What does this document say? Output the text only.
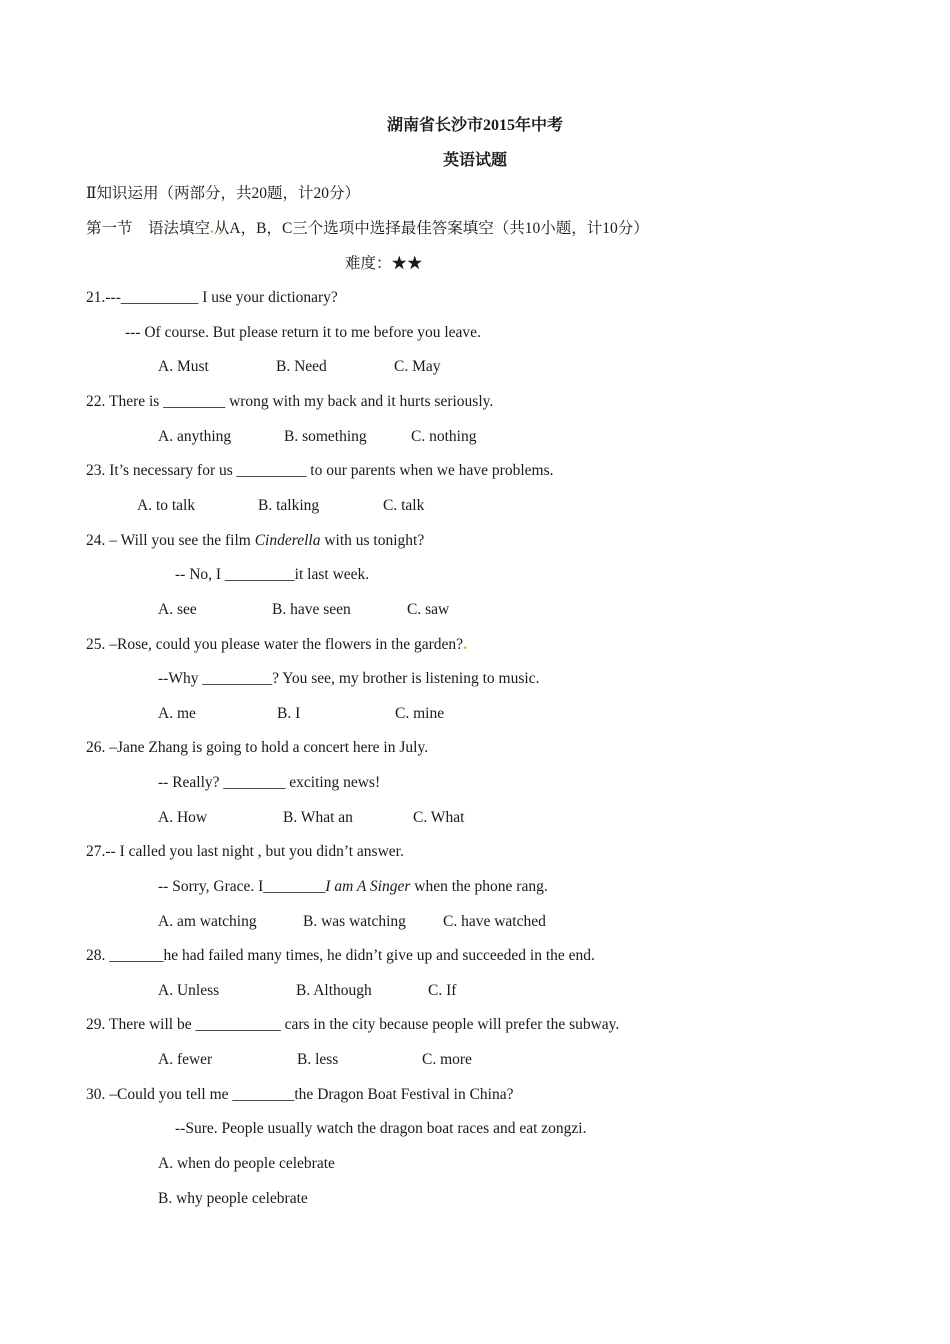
湖南省长沙市2015年中考
英语试题
Ⅱ知识运用（两部分，共20题，计20分）
第一节 语法填空.从A，B，C三个选项中选择最佳答案填空（共10小题，计10分）
难度：★★
21.---__________ I use your dictionary?
--- Of course. But please return it to me before you leave.
A. Must	B. Need	C. May
22. There is ________ wrong with my back and it hurts seriously.
A. anything	B. something	C. nothing
23. It’s necessary for us _________ to our parents when we have problems.
A. to talk	B. talking	C. talk
24. – Will you see the film Cinderella with us tonight?
-- No, I _________it last week.
A. see	B. have seen	C. saw
25. –Rose, could you please water the flowers in the garden?.
--Why _________? You see, my brother is listening to music.
A. me	B. I	C. mine
26. –Jane Zhang is going to hold a concert here in July.
-- Really? ________ exciting news!
A. How	B. What an	C. What
27.-- I called you last night , but you didn’t answer.
-- Sorry, Grace. I________I am A Singer when the phone rang.
A. am watching	B. was watching C. have watched
28. _______he had failed many times, he didn’t give up and succeeded in the end.
A. Unless	B. Although	C. If
29. There will be ___________ cars in the city because people will prefer the subway.
A. fewer	B. less	C. more
30. –Could you tell me ________the Dragon Boat Festival in China?
--Sure. People usually watch the dragon boat races and eat zongzi.
A. when do people celebrate
B. why people celebrate
